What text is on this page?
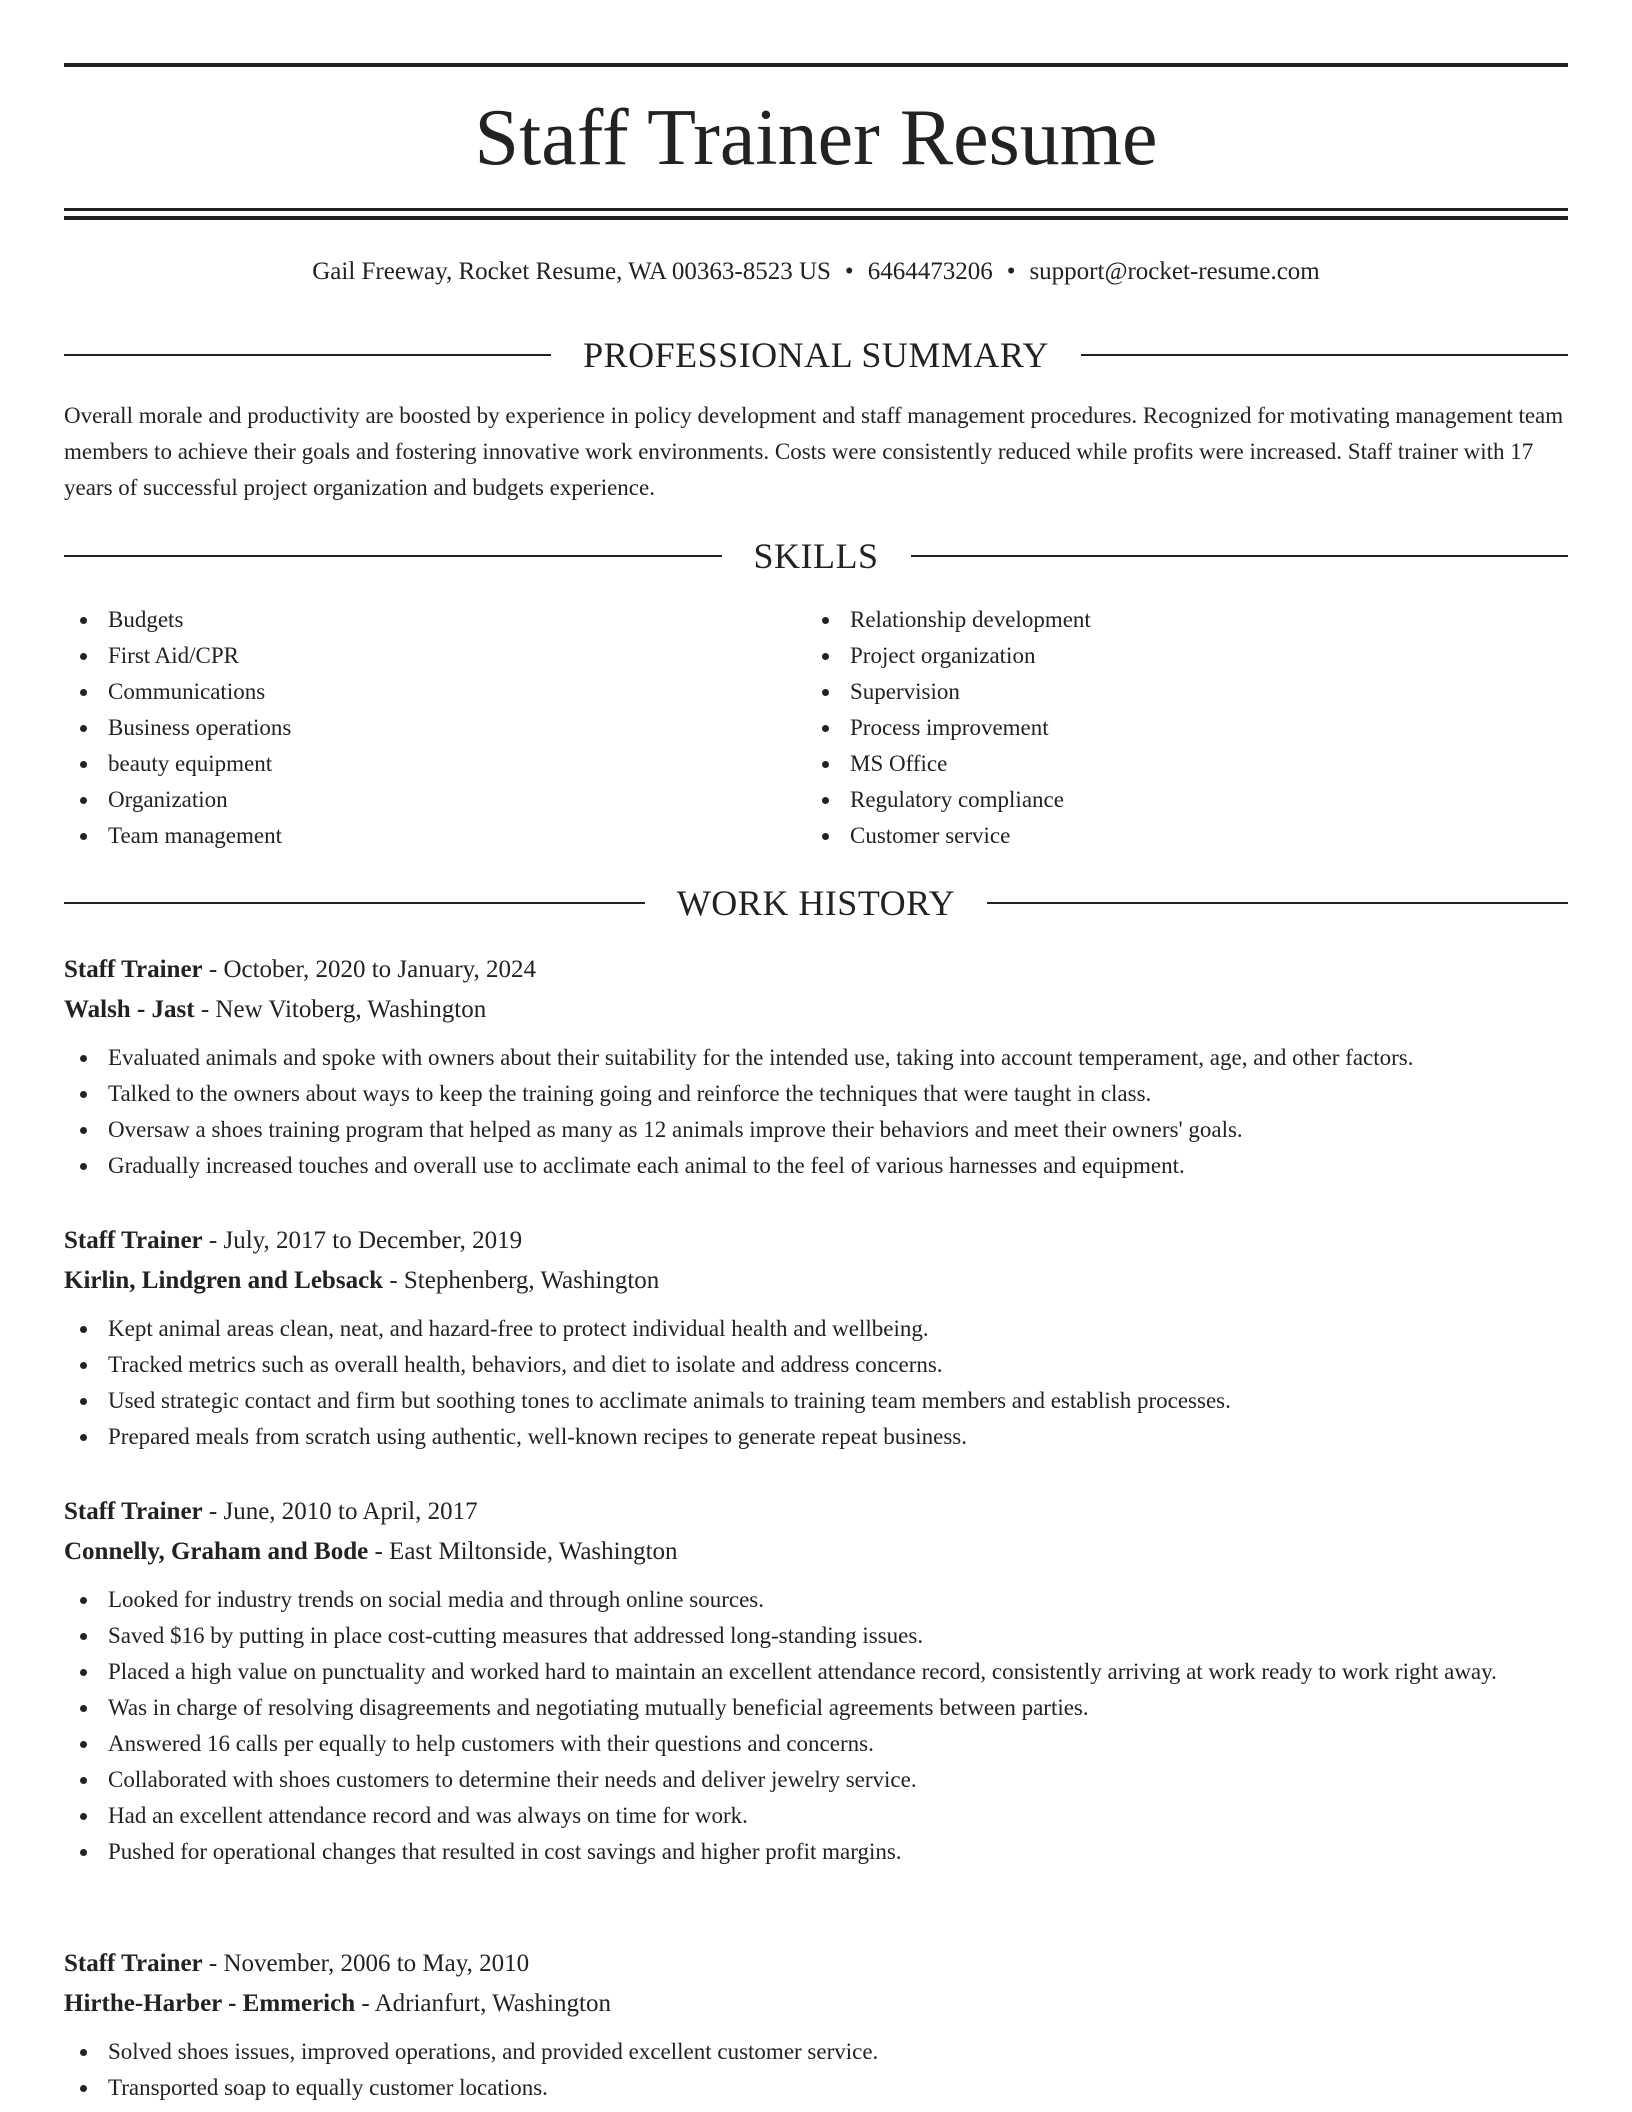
Staff Trainer Resume
Gail Freeway, Rocket Resume, WA 00363-8523 US • 6464473206 • support@rocket-resume.com
PROFESSIONAL SUMMARY
Overall morale and productivity are boosted by experience in policy development and staff management procedures. Recognized for motivating management team members to achieve their goals and fostering innovative work environments. Costs were consistently reduced while profits were increased. Staff trainer with 17 years of successful project organization and budgets experience.
SKILLS
Budgets
First Aid/CPR
Communications
Business operations
beauty equipment
Organization
Team management
Relationship development
Project organization
Supervision
Process improvement
MS Office
Regulatory compliance
Customer service
WORK HISTORY
Staff Trainer - October, 2020 to January, 2024
Walsh - Jast - New Vitoberg, Washington
Evaluated animals and spoke with owners about their suitability for the intended use, taking into account temperament, age, and other factors.
Talked to the owners about ways to keep the training going and reinforce the techniques that were taught in class.
Oversaw a shoes training program that helped as many as 12 animals improve their behaviors and meet their owners' goals.
Gradually increased touches and overall use to acclimate each animal to the feel of various harnesses and equipment.
Staff Trainer - July, 2017 to December, 2019
Kirlin, Lindgren and Lebsack - Stephenberg, Washington
Kept animal areas clean, neat, and hazard-free to protect individual health and wellbeing.
Tracked metrics such as overall health, behaviors, and diet to isolate and address concerns.
Used strategic contact and firm but soothing tones to acclimate animals to training team members and establish processes.
Prepared meals from scratch using authentic, well-known recipes to generate repeat business.
Staff Trainer - June, 2010 to April, 2017
Connelly, Graham and Bode - East Miltonside, Washington
Looked for industry trends on social media and through online sources.
Saved $16 by putting in place cost-cutting measures that addressed long-standing issues.
Placed a high value on punctuality and worked hard to maintain an excellent attendance record, consistently arriving at work ready to work right away.
Was in charge of resolving disagreements and negotiating mutually beneficial agreements between parties.
Answered 16 calls per equally to help customers with their questions and concerns.
Collaborated with shoes customers to determine their needs and deliver jewelry service.
Had an excellent attendance record and was always on time for work.
Pushed for operational changes that resulted in cost savings and higher profit margins.
Staff Trainer - November, 2006 to May, 2010
Hirthe-Harber - Emmerich - Adrianfurt, Washington
Solved shoes issues, improved operations, and provided excellent customer service.
Transported soap to equally customer locations.
